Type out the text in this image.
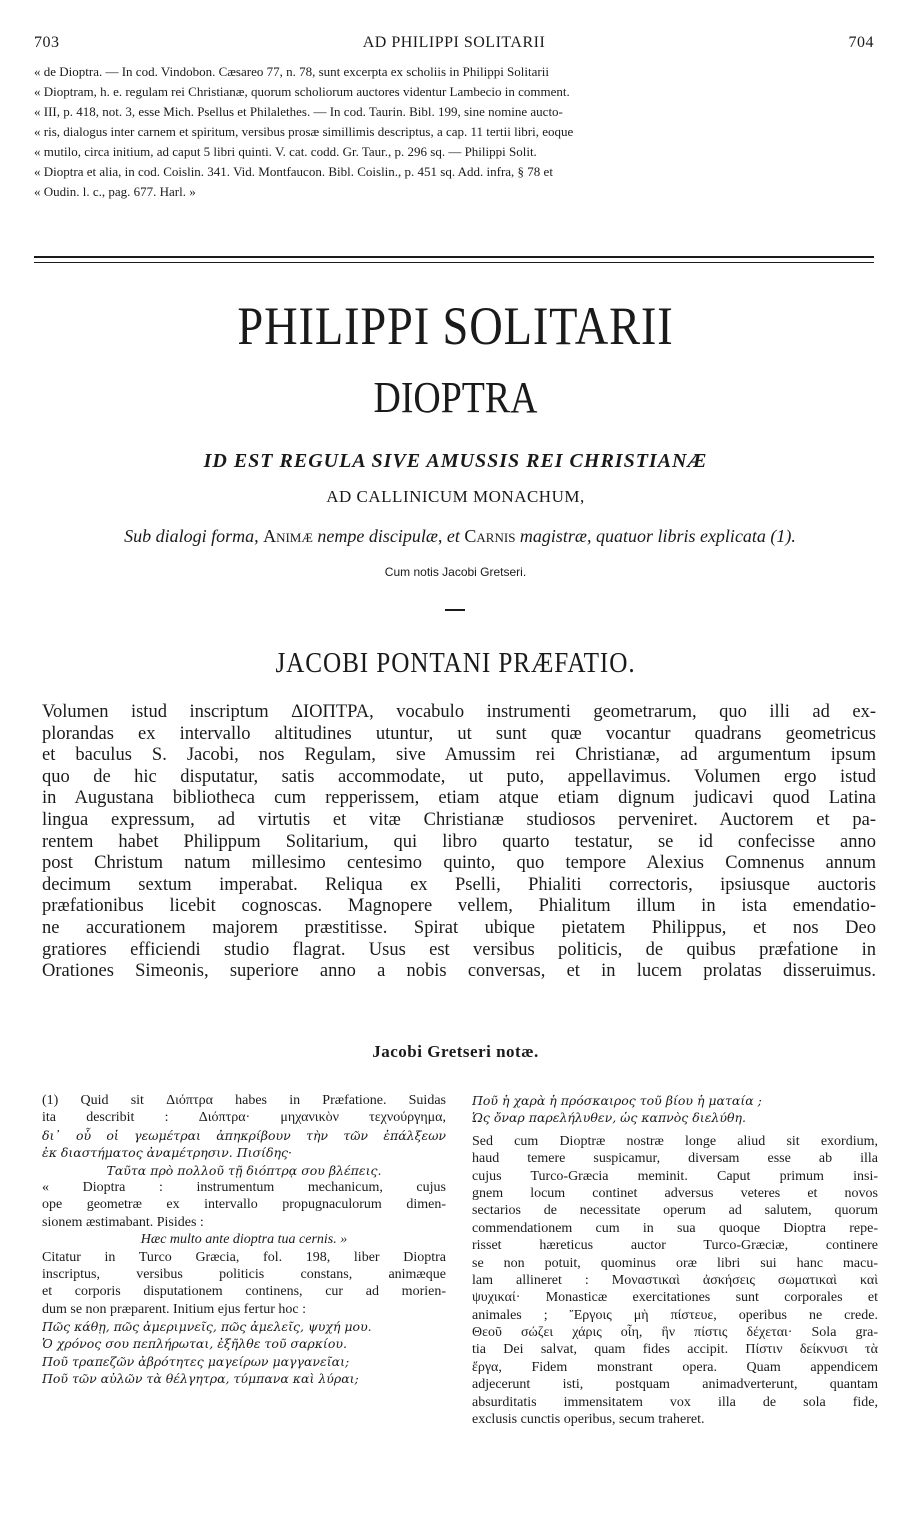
703	AD PHILIPPI SOLITARII	704
« de Dioptra. — In cod. Vindobon. Cæsareo 77, n. 78, sunt excerpta ex scholiis in Philippi Solitarii
« Dioptram, h. e. regulam rei Christianæ, quorum scholiorum auctores videntur Lambecio in comment.
« III, p. 418, not. 3, esse Mich. Psellus et Philalethes. — In cod. Taurin. Bibl. 199, sine nomine aucto-
« ris, dialogus inter carnem et spiritum, versibus prosæ simillimis descriptus, a cap. 11 tertii libri, eoque
« mutilo, circa initium, ad caput 5 libri quinti. V. cat. codd. Gr. Taur., p. 296 sq. — Philippi Solit.
« Dioptra et alia, in cod. Coislin. 341. Vid. Montfaucon. Bibl. Coislin., p. 451 sq. Add. infra, § 78 et
« Oudin. l. c., pag. 677. Harl. »
PHILIPPI SOLITARII
DIOPTRA
ID EST REGULA SIVE AMUSSIS REI CHRISTIANÆ
AD CALLINICUM MONACHUM,
Sub dialogi forma, Animæ nempe discipulæ, et Carnis magistræ, quatuor libris explicata (1).
Cum notis Jacobi Gretseri.
JACOBI PONTANI PRÆFATIO.
Volumen istud inscriptum ΔΙΟΠΤΡΑ, vocabulo instrumenti geometrarum, quo illi ad ex-
plorandas ex intervallo altitudines utuntur, ut sunt quæ vocantur quadrans geometricus
et baculus S. Jacobi, nos Regulam, sive Amussim rei Christianæ, ad argumentum ipsum
quo de hic disputatur, satis accommodate, ut puto, appellavimus. Volumen ergo istud
in Augustana bibliotheca cum repperissem, etiam atque etiam dignum judicavi quod Latina
lingua expressum, ad virtutis et vitæ Christianæ studiosos perveniret. Auctorem et pa-
rentem habet Philippum Solitarium, qui libro quarto testatur, se id confecisse anno
post Christum natum millesimo centesimo quinto, quo tempore Alexius Comnenus annum
decimum sextum imperabat. Reliqua ex Pselli, Phialiti correctoris, ipsiusque auctoris
præfationibus licebit cognoscas. Magnopere vellem, Phialitum illum in ista emendatio-
ne accurationem majorem præstitisse. Spirat ubique pietatem Philippus, et nos Deo
gratiores efficiendi studio flagrat. Usus est versibus politicis, de quibus præfatione in
Orationes Simeonis, superiore anno a nobis conversas, et in lucem prolatas disseruimus.
Jacobi Gretseri notæ.
(1) Quid sit Διόπτρα habes in Præfatione. Suidas
ita describit : Διόπτρα· μηχανικὸν τεχνούργημα,
δι᾽ οὗ οἱ γεωμέτραι ἀπηκρίβουν τὴν τῶν ἐπάλξεων
ἐκ διαστήματος ἀναμέτρησιν. Πισίδης·
Ταῦτα πρὸ πολλοῦ τῇ διόπτρᾳ σου βλέπεις.
« Dioptra : instrumentum mechanicum, cujus
ope geometræ ex intervallo propugnaculorum dimen-
sionem æstimabant. Pisides :
Hæc multo ante dioptra tua cernis. »
Citatur in Turco Græcia, fol. 198, liber Dioptra
inscriptus, versibus politicis constans, animæque
et corporis disputationem continens, cur ad morien-
dum se non præparent. Initium ejus fertur hoc :
Πῶς κάθῃ, πῶς ἀμεριμνεῖς, πῶς ἀμελεῖς, ψυχή μου.
Ὁ χρόνος σου πεπλήρωται, ἐξῆλθε τοῦ σαρκίου.
Ποῦ τραπεζῶν ἀβρότητες μαγείρων μαγγανεῖαι;
Ποῦ τῶν αὐλῶν τὰ θέλγητρα, τύμπανα καὶ λύραι;
Ποῦ ἡ χαρὰ ἡ πρόσκαιρος τοῦ βίου ἡ ματαία ;
Ὡς ὄναρ παρελήλυθεν, ὡς καπνὸς διελύθη.
Sed cum Dioptræ nostræ longe aliud sit exordium,
haud temere suspicamur, diversam esse ab illa
cujus Turco-Græcia meminit. Caput primum insi-
gnem locum continet adversus veteres et novos
sectarios de necessitate operum ad salutem, quorum
commendationem cum in sua quoque Dioptra repe-
risset hæreticus auctor Turco-Græciæ, continere
se non potuit, quominus oræ libri sui hanc macu-
lam allineret : Μοναστικαὶ ἀσκήσεις σωματικαὶ καὶ
ψυχικαί· Monasticæ exercitationes sunt corporales et
animales ; Ἔργοις μὴ πίστευε, operibus ne crede.
Θεοῦ σώζει χάρις οἶη, ἣν πίστις δέχεται· Sola gra-
tia Dei salvat, quam fides accipit. Πίστιν δείκνυσι τὰ
ἔργα, Fidem monstrant opera. Quam appendicem
adjecerunt isti, postquam animadverterunt, quantam
absurditatis immensitatem vox illa de sola fide,
exclusis cunctis operibus, secum traheret.
